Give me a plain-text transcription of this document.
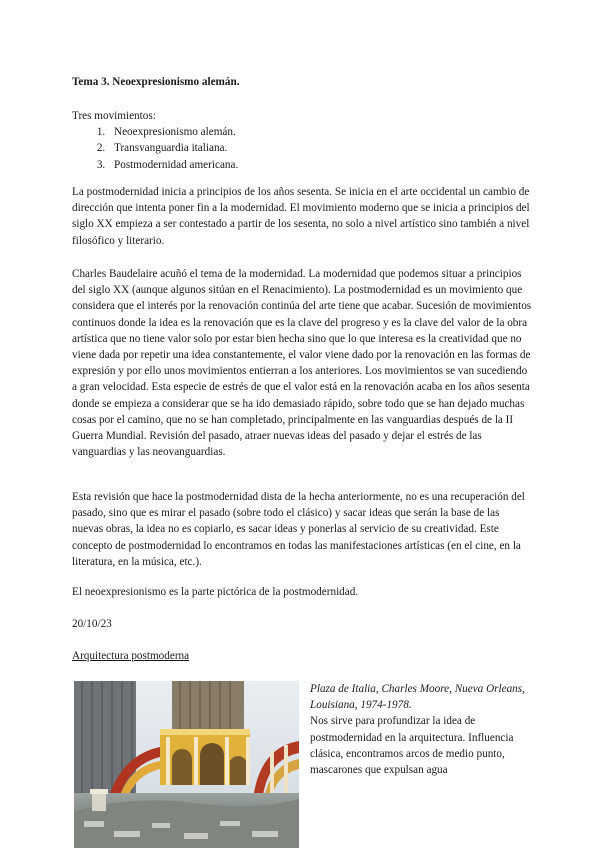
Tema 3. Neoexpresionismo alemán.
Tres movimientos:
1. Neoexpresionismo alemán.
2. Transvanguardia italiana.
3. Postmodernidad americana.
La postmodernidad inicia a principios de los años sesenta. Se inicia en el arte occidental un cambio de dirección que intenta poner fin a la modernidad. El movimiento moderno que se inicia a principios del siglo XX empieza a ser contestado a partir de los sesenta, no solo a nivel artístico sino también a nivel filosófico y literario.
Charles Baudelaire acuñó el tema de la modernidad. La modernidad que podemos situar a principios del siglo XX (aunque algunos sitúan en el Renacimiento). La postmodernidad es un movimiento que considera que el interés por la renovación continúa del arte tiene que acabar. Sucesión de movimientos continuos donde la idea es la renovación que es la clave del progreso y es la clave del valor de la obra artística que no tiene valor solo por estar bien hecha sino que lo que interesa es la creatividad que no viene dada por repetir una idea constantemente, el valor viene dado por la renovación en las formas de expresión y por ello unos movimientos entierran a los anteriores. Los movimientos se van sucediendo a gran velocidad. Esta especie de estrés de que el valor está en la renovación acaba en los años sesenta donde se empieza a considerar que se ha ido demasiado rápido, sobre todo que se han dejado muchas cosas por el camino, que no se han completado, principalmente en las vanguardias después de la II Guerra Mundial. Revisión del pasado, atraer nuevas ideas del pasado y dejar el estrés de las vanguardias y las neovanguardias.
Esta revisión que hace la postmodernidad dista de la hecha anteriormente, no es una recuperación del pasado, sino que es mirar el pasado (sobre todo el clásico) y sacar ideas que serán la base de las nuevas obras, la idea no es copiarlo, es sacar ideas y ponerlas al servicio de su creatividad. Este concepto de postmodernidad lo encontramos en todas las manifestaciones artísticas (en el cine, en la literatura, en la música, etc.).
El neoexpresionismo es la parte pictórica de la postmodernidad.
20/10/23
Arquitectura postmoderna
Plaza de Italia, Charles Moore, Nueva Orleans, Louisiana, 1974-1978.
Nos sirve para profundizar la idea de postmodernidad en la arquitectura. Influencia clásica, encontramos arcos de medio punto, mascarones que expulsan agua
